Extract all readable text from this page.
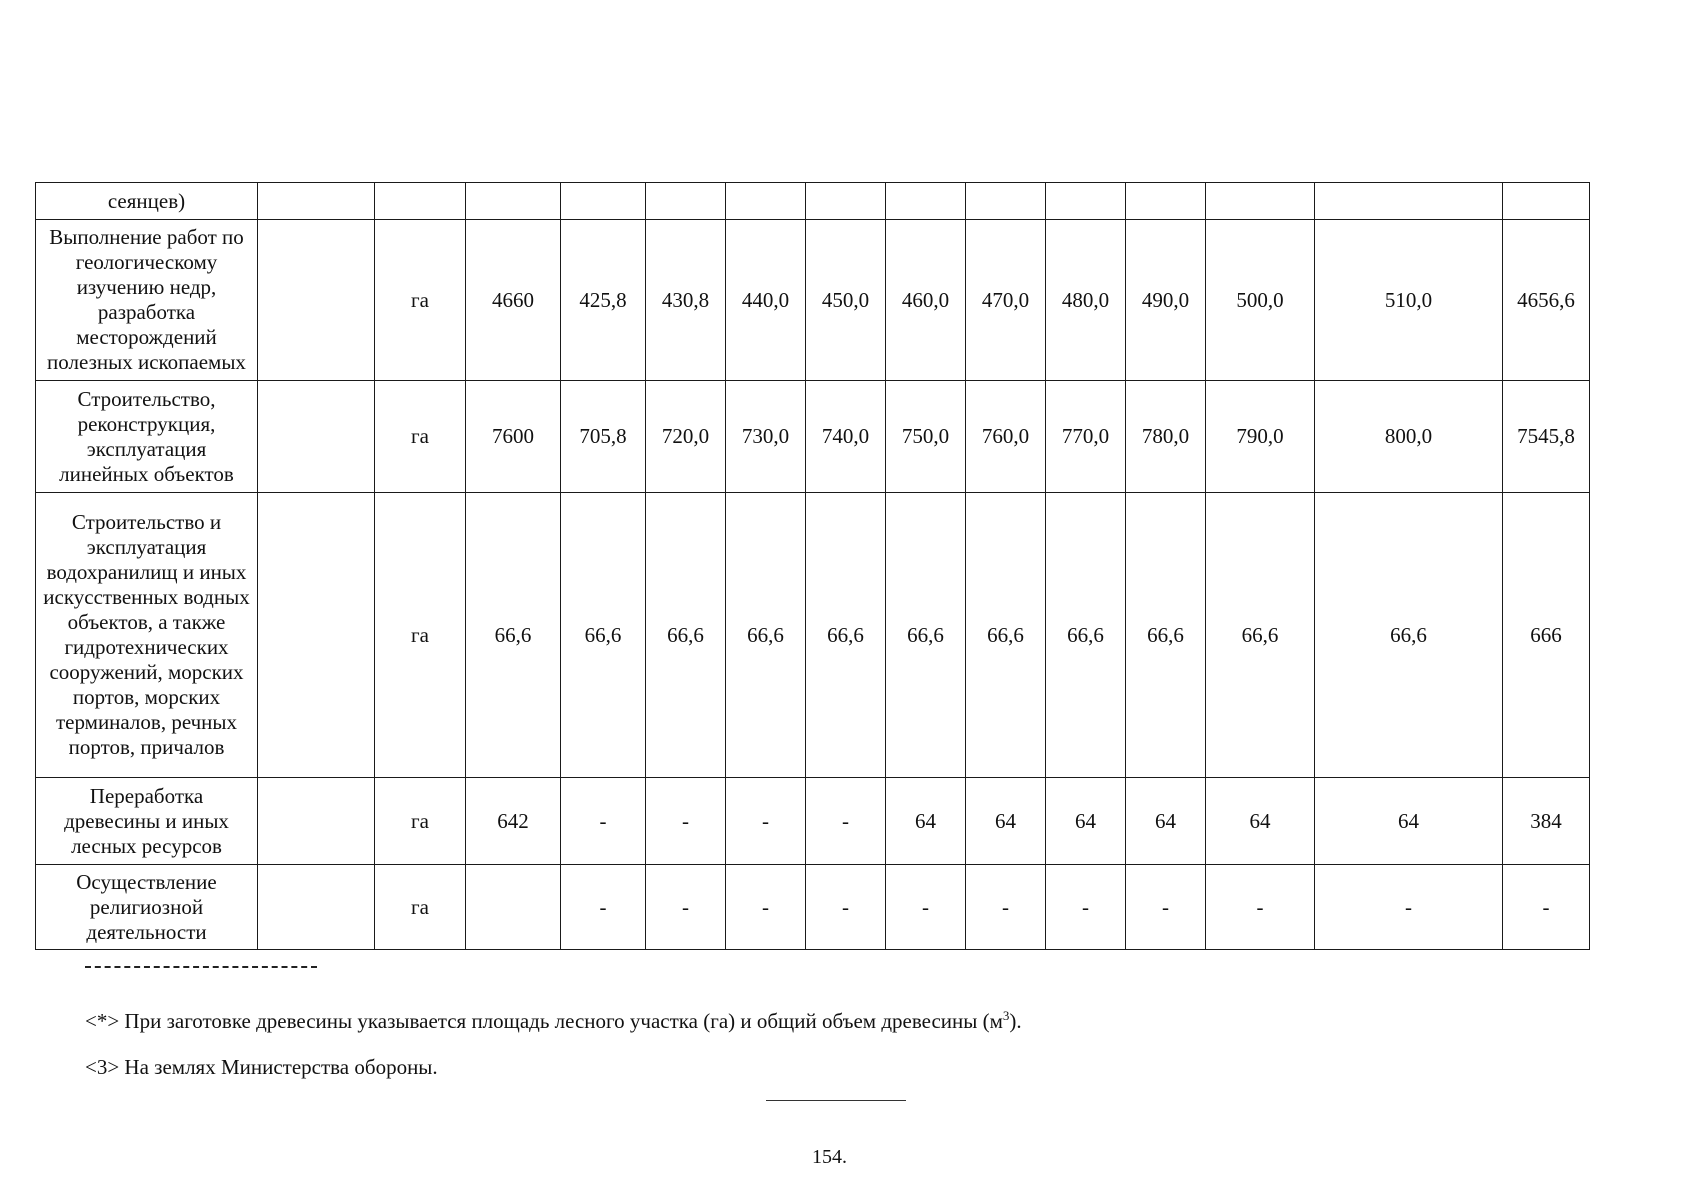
сеянцев)														
Выполнение работ по геологическому изучению недр, разработка месторождений полезных ископаемых		га	4660	425,8	430,8	440,0	450,0	460,0	470,0	480,0	490,0	500,0	510,0	4656,6
Строительство, реконструкция, эксплуатация линейных объектов		га	7600	705,8	720,0	730,0	740,0	750,0	760,0	770,0	780,0	790,0	800,0	7545,8
Строительство и эксплуатация водохранилищ и иных искусственных водных объектов, а также гидротехнических сооружений, морских портов, морских терминалов, речных портов, причалов		га	66,6	66,6	66,6	66,6	66,6	66,6	66,6	66,6	66,6	66,6	66,6	666
Переработка древесины и иных лесных ресурсов		га	642	-	-	-	-	64	64	64	64	64	64	384
Осуществление религиозной деятельности		га		-	-	-	-	-	-	-	-	-	-	-
<*> При заготовке древесины указывается площадь лесного участка (га) и общий объем древесины $(м^3)$.
<3> На землях Министерства обороны.
154.
